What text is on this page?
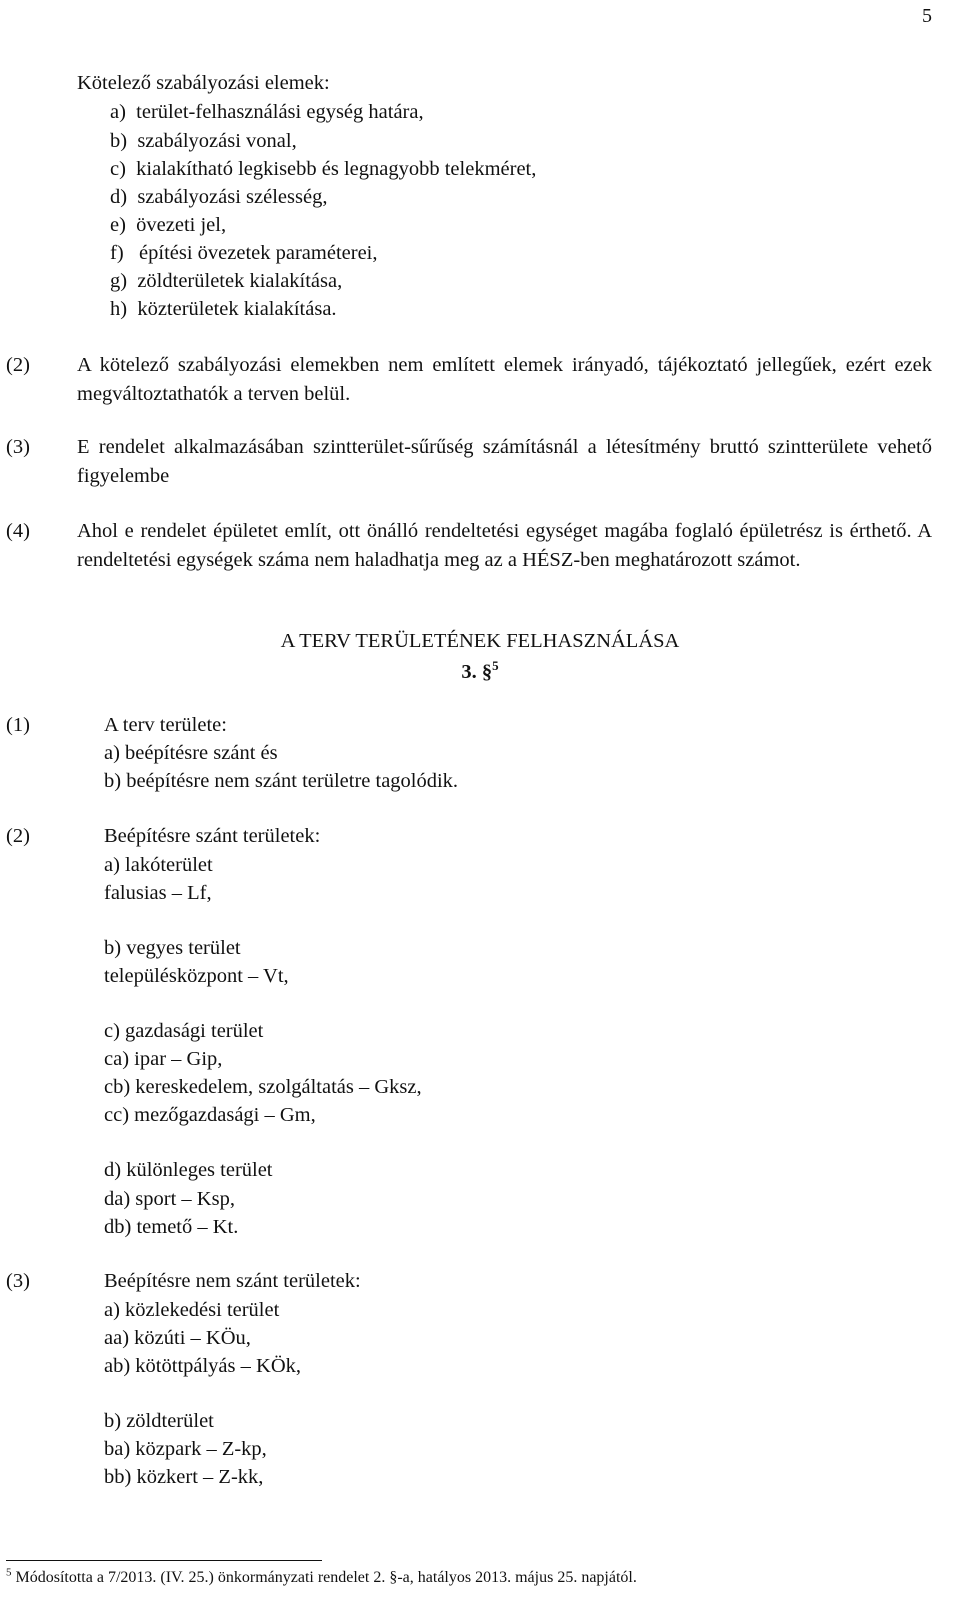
5
Kötelező szabályozási elemek:
a)  terület-felhasználási egység határa,
b)  szabályozási vonal,
c)  kialakítható legkisebb és legnagyobb telekméret,
d)  szabályozási szélesség,
e)  övezeti jel,
f)   építési övezetek paraméterei,
g)  zöldterületek kialakítása,
h)  közterületek kialakítása.
(2) A kötelező szabályozási elemekben nem említett elemek irányadó, tájékoztató jellegűek, ezért ezek megváltoztathatók a terven belül.
(3) E rendelet alkalmazásában szintterület-sűrűség számításnál a létesítmény bruttó szintterülete vehető figyelembe
(4) Ahol e rendelet épületet említ, ott önálló rendeltetési egységet magába foglaló épületrész is érthető. A rendeltetési egységek száma nem haladhatja meg az a HÉSZ-ben meghatározott számot.
A TERV TERÜLETÉNEK FELHASZNÁLÁSA
3. §$^5$
(1)	A terv területe:
a) beépítésre szánt és
b) beépítésre nem szánt területre tagolódik.
(2)	Beépítésre szánt területek:
a) lakóterület
falusias – Lf,
b) vegyes terület
településközpont – Vt,
c) gazdasági terület
ca) ipar – Gip,
cb) kereskedelem, szolgáltatás – Gksz,
cc) mezőgazdasági – Gm,
d) különleges terület
da) sport – Ksp,
db) temető – Kt.
(3)	Beépítésre nem szánt területek:
a) közlekedési terület
aa) közúti – KÖu,
ab) kötöttpályás – KÖk,
b) zöldterület
ba) közpark – Z-kp,
bb) közkert – Z-kk,
$^5$ Módosította a 7/2013. (IV. 25.) önkormányzati rendelet 2. §-a, hatályos 2013. május 25. napjától.
